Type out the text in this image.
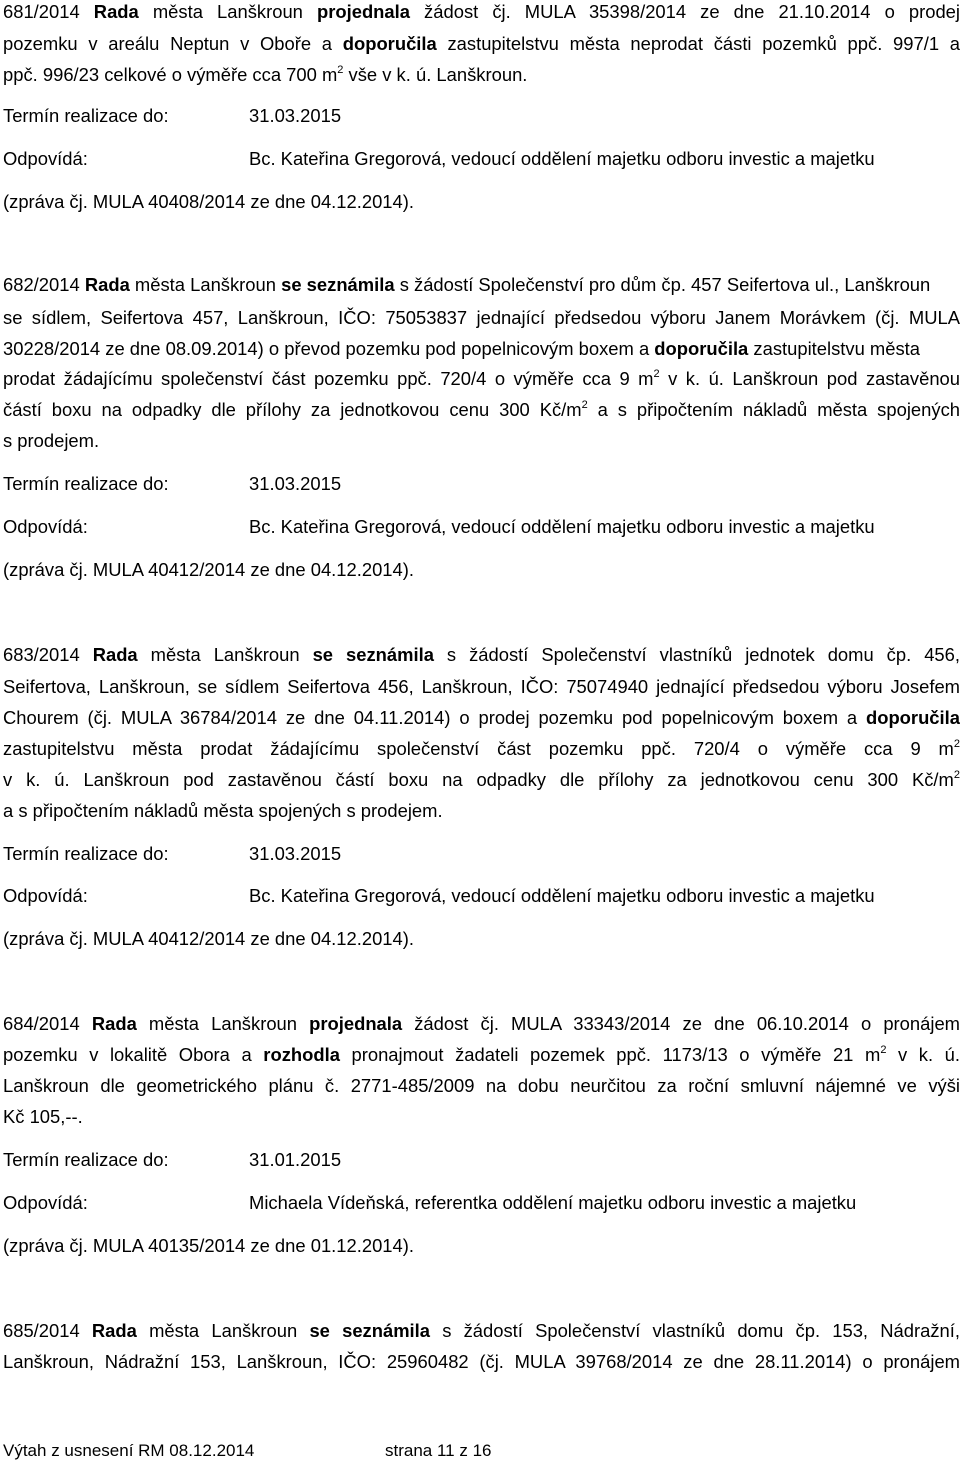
Výtah z usnesení RM 08.12.2014	strana 11 z 16

681/2014 Rada města Lanškroun projednala žádost čj. MULA 35398/2014 ze dne 21.10.2014 o prodej

pozemku v areálu Neptun v Oboře a doporučila zastupitelstvu města neprodat části pozemků ppč. 997/1 a

ppč. 996/23 celkové o výměře cca 700 $m^2$ vše v k. ú. Lanškroun.

Termín realizace do:	31.03.2015

Odpovídá:	Bc. Kateřina Gregorová, vedoucí oddělení majetku odboru investic a majetku

(zpráva čj. MULA 40408/2014 ze dne 04.12.2014).

682/2014 Rada města Lanškroun se seznámila s žádostí Společenství pro dům čp. 457 Seifertova ul., Lanškroun

se sídlem, Seifertova 457, Lanškroun, IČO: 75053837 jednající předsedou výboru Janem Morávkem (čj. MULA

30228/2014 ze dne 08.09.2014) o převod pozemku pod popelnicovým boxem a doporučila zastupitelstvu města

prodat žádajícímu společenství část pozemku ppč. 720/4 o výměře cca 9 $m^2$ v k. ú. Lanškroun pod zastavěnou

částí boxu na odpadky dle přílohy za jednotkovou cenu 300 $Kč/m^2$ a s připočtením nákladů města spojených

s prodejem.

Termín realizace do:	31.03.2015

Odpovídá:	Bc. Kateřina Gregorová, vedoucí oddělení majetku odboru investic a majetku

(zpráva čj. MULA 40412/2014 ze dne 04.12.2014).

683/2014 Rada města Lanškroun se seznámila s žádostí Společenství vlastníků jednotek domu čp. 456,

Seifertova, Lanškroun, se sídlem Seifertova 456, Lanškroun, IČO: 75074940 jednající předsedou výboru Josefem

Chourem (čj. MULA 36784/2014 ze dne 04.11.2014) o prodej pozemku pod popelnicovým boxem a doporučila

zastupitelstvu města prodat žádajícímu společenství část pozemku ppč. 720/4 o výměře cca 9 $m^2$

v k. ú. Lanškroun pod zastavěnou částí boxu na odpadky dle přílohy za jednotkovou cenu 300 $Kč/m^2$

a s připočtením nákladů města spojených s prodejem.

Termín realizace do:	31.03.2015

Odpovídá:	Bc. Kateřina Gregorová, vedoucí oddělení majetku odboru investic a majetku

(zpráva čj. MULA 40412/2014 ze dne 04.12.2014).

684/2014 Rada města Lanškroun projednala žádost čj. MULA 33343/2014 ze dne 06.10.2014 o pronájem

pozemku v lokalitě Obora a rozhodla pronajmout žadateli pozemek ppč. 1173/13 o výměře 21 $m^2$ v k. ú.

Lanškroun dle geometrického plánu č. 2771-485/2009 na dobu neurčitou za roční smluvní nájemné ve výši

Kč 105,--.

Termín realizace do:	31.01.2015

Odpovídá:	Michaela Vídeňská, referentka oddělení majetku odboru investic a majetku

(zpráva čj. MULA 40135/2014 ze dne 01.12.2014).

685/2014 Rada města Lanškroun se seznámila s žádostí Společenství vlastníků domu čp. 153, Nádražní,

Lanškroun, Nádražní 153, Lanškroun, IČO: 25960482 (čj. MULA 39768/2014 ze dne 28.11.2014) o pronájem
